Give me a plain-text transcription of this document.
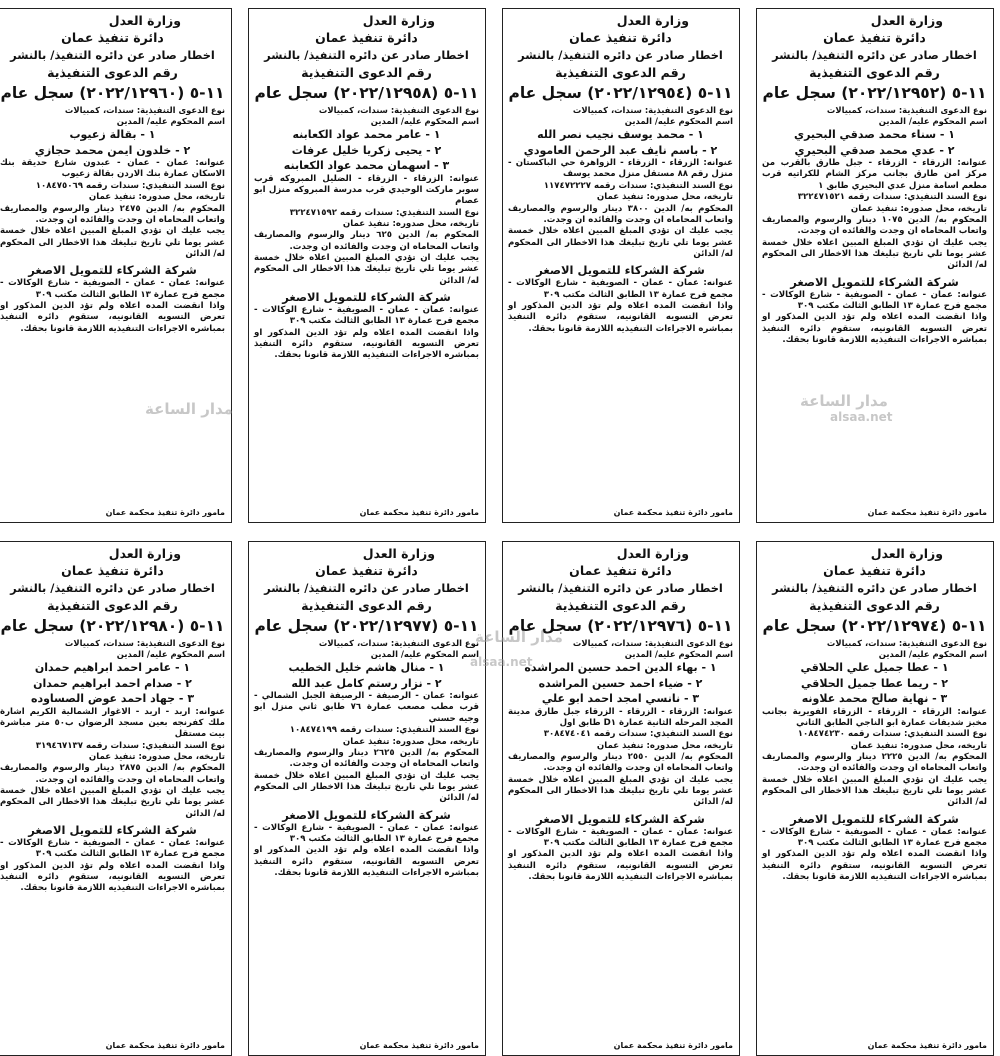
وزارة العدل
دائرة تنفيذ عمان
اخطار صادر عن دائره التنفيذ/ بالنشر
رقم الدعوى التنفيذية
١١-٥ (٢٠٢٢/١٢٩٥٢) سجل عام
نوع الدعوى التنفيذية: سندات، كمبيالات
اسم المحكوم عليه/ المدين
١ - سناء محمد صدقي البحيري
٢ - عدي محمد صدقي البحيري
عنوانه: الزرقاء - الزرقاء - جبل طارق بالقرب من مركز امن طارق بجانب مركز الشام للكراتيه قرب مطعم اسامة منزل عدي البحيري طابق ١
نوع السند التنفيذي: سندات رقمه ٣٢٢٤٧١٥٢١
تاريخه، محل صدوره: تنفيذ عمان
المحكوم به/ الدين ١٠٧٥ دينار والرسوم والمصاريف واتعاب المحاماه ان وجدت والفائده ان وجدت.
يجب عليك ان تؤدي المبلغ المبين اعلاه خلال خمسة عشر يوما تلي تاريخ تبليغك هذا الاخطار الى المحكوم له/ الدائن
شركة الشركاء للتمويل الاصغر
عنوانه: عمان - عمان - الصويفية - شارع الوكالات - مجمع فرح عمارة ١٣ الطابق الثالث مكتب ٣٠٩
واذا انقضت المده اعلاه ولم تؤد الدين المذكور او تعرض التسويه القانونيه، ستقوم دائره التنفيذ بمباشره الاجراءات التنفيذيه اللازمة قانونا بحقك.
مامور دائرة تنفيذ محكمة عمان
وزارة العدل
دائرة تنفيذ عمان
اخطار صادر عن دائره التنفيذ/ بالنشر
رقم الدعوى التنفيذية
١١-٥ (٢٠٢٢/١٢٩٥٤) سجل عام
نوع الدعوى التنفيذية: سندات، كمبيالات
اسم المحكوم عليه/ المدين
١ - محمد يوسف نجيب نصر الله
٢ - باسم نايف عبد الرحمن العامودي
عنوانه: الزرقاء - الزرقاء - الزواهرة حي الباكستان - منزل رقم ٨٨ مستقل منزل محمد يوسف
نوع السند التنفيذي: سندات رقمه ١١٧٤٧٢٢٢٧
تاريخه، محل صدوره: تنفيذ عمان
المحكوم به/ الدين ٣٨٠٠ دينار والرسوم والمصاريف واتعاب المحاماه ان وجدت والفائده ان وجدت.
يجب عليك ان تؤدي المبلغ المبين اعلاه خلال خمسة عشر يوما تلي تاريخ تبليغك هذا الاخطار الى المحكوم له/ الدائن
شركة الشركاء للتمويل الاصغر
عنوانه: عمان - عمان - الصويفية - شارع الوكالات - مجمع فرح عمارة ١٣ الطابق الثالث مكتب ٣٠٩
واذا انقضت المده اعلاه ولم تؤد الدين المذكور او تعرض التسويه القانونيه، ستقوم دائره التنفيذ بمباشره الاجراءات التنفيذيه اللازمة قانونا بحقك.
مامور دائرة تنفيذ محكمة عمان
وزارة العدل
دائرة تنفيذ عمان
اخطار صادر عن دائره التنفيذ/ بالنشر
رقم الدعوى التنفيذية
١١-٥ (٢٠٢٢/١٢٩٥٨) سجل عام
نوع الدعوى التنفيذية: سندات، كمبيالات
اسم المحكوم عليه/ المدين
١ - عامر محمد عواد الكعابنه
٢ - يحيى زكريا خليل عرفات
٣ - اسهمان محمد عواد الكعابنه
عنوانه: الزرقاء - الزرقاء - الضليل المبروكه قرب سوبر ماركت الوحيدي قرب مدرسة المبروكه منزل ابو عصام
نوع السند التنفيذي: سندات رقمه ٣٢٢٤٧١٥٩٢
تاريخه، محل صدوره: تنفيذ عمان
المحكوم به/ الدين ٦٢٥ دينار والرسوم والمصاريف واتعاب المحاماه ان وجدت والفائده ان وجدت.
يجب عليك ان تؤدي المبلغ المبين اعلاه خلال خمسة عشر يوما تلي تاريخ تبليغك هذا الاخطار الى المحكوم له/ الدائن
شركة الشركاء للتمويل الاصغر
عنوانه: عمان - عمان - الصويفية - شارع الوكالات - مجمع فرح عمارة ١٣ الطابق الثالث مكتب ٣٠٩
واذا انقضت المده اعلاه ولم تؤد الدين المذكور او تعرض التسويه القانونيه، ستقوم دائره التنفيذ بمباشره الاجراءات التنفيذيه اللازمة قانونا بحقك.
مامور دائرة تنفيذ محكمة عمان
وزارة العدل
دائرة تنفيذ عمان
اخطار صادر عن دائره التنفيذ/ بالنشر
رقم الدعوى التنفيذية
١١-٥ (٢٠٢٢/١٢٩٦٠) سجل عام
نوع الدعوى التنفيذية: سندات، كمبيالات
اسم المحكوم عليه/ المدين
١ - بقالة زعيوب
٢ - خلدون ايمن محمد حجازي
عنوانه: عمان - عمان - عبدون شارع حديقة بنك الاسكان عمارة بنك الاردن بقالة زعيوب
نوع السند التنفيذي: سندات رقمه ١٠٨٤٧٥٠٦٩
تاريخه، محل صدوره: تنفيذ عمان
المحكوم به/ الدين ٢٤٧٥ دينار والرسوم والمصاريف واتعاب المحاماه ان وجدت والفائده ان وجدت.
يجب عليك ان تؤدي المبلغ المبين اعلاه خلال خمسة عشر يوما تلي تاريخ تبليغك هذا الاخطار الى المحكوم له/ الدائن
شركة الشركاء للتمويل الاصغر
عنوانه: عمان - عمان - الصويفية - شارع الوكالات - مجمع فرح عمارة ١٣ الطابق الثالث مكتب ٣٠٩
واذا انقضت المده اعلاه ولم تؤد الدين المذكور او تعرض التسويه القانونيه، ستقوم دائره التنفيذ بمباشره الاجراءات التنفيذيه اللازمة قانونا بحقك.
مامور دائرة تنفيذ محكمة عمان
وزارة العدل
دائرة تنفيذ عمان
اخطار صادر عن دائره التنفيذ/ بالنشر
رقم الدعوى التنفيذية
١١-٥ (٢٠٢٢/١٢٩٧٤) سجل عام
نوع الدعوى التنفيذية: سندات، كمبيالات
اسم المحكوم عليه/ المدين
١ - عطا جميل علي الحلاقي
٢ - ريما عطا جميل الحلاقي
٣ - نهاية صالح محمد علاونه
عنوانه: الزرقاء - الزرقاء - الزرقاء الفويرية بجانب مخبز شديفات عمارة ابو الناجي الطابق الثاني
نوع السند التنفيذي: سندات رقمه ١٠٨٤٧٤٢٣٠
تاريخه، محل صدوره: تنفيذ عمان
المحكوم به/ الدين ٢٢٢٥ دينار والرسوم والمصاريف واتعاب المحاماه ان وجدت والفائده ان وجدت.
يجب عليك ان تؤدي المبلغ المبين اعلاه خلال خمسة عشر يوما تلي تاريخ تبليغك هذا الاخطار الى المحكوم له/ الدائن
شركة الشركاء للتمويل الاصغر
عنوانه: عمان - عمان - الصويفية - شارع الوكالات - مجمع فرح عمارة ١٣ الطابق الثالث مكتب ٣٠٩
واذا انقضت المده اعلاه ولم تؤد الدين المذكور او تعرض التسويه القانونيه، ستقوم دائره التنفيذ بمباشره الاجراءات التنفيذيه اللازمة قانونا بحقك.
مامور دائرة تنفيذ محكمة عمان
وزارة العدل
دائرة تنفيذ عمان
اخطار صادر عن دائره التنفيذ/ بالنشر
رقم الدعوى التنفيذية
١١-٥ (٢٠٢٢/١٢٩٧٦) سجل عام
نوع الدعوى التنفيذية: سندات، كمبيالات
اسم المحكوم عليه/ المدين
١ - بهاء الدين احمد حسين المراشده
٢ - ضياء احمد حسين المراشده
٣ - نانسي امجد احمد ابو علي
عنوانه: الزرقاء - الزرقاء - الزرقاء جبل طارق مدينة المجد المرحله الثانية عمارة D١ طابق اول
نوع السند التنفيذي: سندات رقمه ٣٠٨٤٧٤٠٤١
تاريخه، محل صدوره: تنفيذ عمان
المحكوم به/ الدين ٢٥٥٠ دينار والرسوم والمصاريف واتعاب المحاماه ان وجدت والفائده ان وجدت.
يجب عليك ان تؤدي المبلغ المبين اعلاه خلال خمسة عشر يوما تلي تاريخ تبليغك هذا الاخطار الى المحكوم له/ الدائن
شركة الشركاء للتمويل الاصغر
عنوانه: عمان - عمان - الصويفية - شارع الوكالات - مجمع فرح عمارة ١٣ الطابق الثالث مكتب ٣٠٩
واذا انقضت المده اعلاه ولم تؤد الدين المذكور او تعرض التسويه القانونيه، ستقوم دائره التنفيذ بمباشره الاجراءات التنفيذيه اللازمة قانونا بحقك.
مامور دائرة تنفيذ محكمة عمان
وزارة العدل
دائرة تنفيذ عمان
اخطار صادر عن دائره التنفيذ/ بالنشر
رقم الدعوى التنفيذية
١١-٥ (٢٠٢٢/١٢٩٧٧) سجل عام
نوع الدعوى التنفيذية: سندات، كمبيالات
اسم المحكوم عليه/ المدين
١ - منال هاشم خليل الخطيب
٢ - نزار رستم كامل عبد الله
عنوانه: عمان - الرصيفة - الرصيفة الجبل الشمالي - قرب مطب مصعب عمارة ٧٦ طابق ثاني منزل ابو وجيه حسني
نوع السند التنفيذي: سندات رقمه ١٠٨٤٧٤١٩٩
تاريخه، محل صدوره: تنفيذ عمان
المحكوم به/ الدين ٢٦٢٥ دينار والرسوم والمصاريف واتعاب المحاماه ان وجدت والفائده ان وجدت.
يجب عليك ان تؤدي المبلغ المبين اعلاه خلال خمسة عشر يوما تلي تاريخ تبليغك هذا الاخطار الى المحكوم له/ الدائن
شركة الشركاء للتمويل الاصغر
عنوانه: عمان - عمان - الصويفية - شارع الوكالات - مجمع فرح عمارة ١٣ الطابق الثالث مكتب ٣٠٩
واذا انقضت المده اعلاه ولم تؤد الدين المذكور او تعرض التسويه القانونيه، ستقوم دائره التنفيذ بمباشره الاجراءات التنفيذيه اللازمة قانونا بحقك.
مامور دائرة تنفيذ محكمة عمان
وزارة العدل
دائرة تنفيذ عمان
اخطار صادر عن دائره التنفيذ/ بالنشر
رقم الدعوى التنفيذية
١١-٥ (٢٠٢٢/١٢٩٨٠) سجل عام
نوع الدعوى التنفيذية: سندات، كمبيالات
اسم المحكوم عليه/ المدين
١ - عامر احمد ابراهيم حمدان
٢ - صدام احمد ابراهيم حمدان
٣ - جهاد احمد عوض الصساوده
عنوانه: اربد - اربد - الاغوار الشمالية الكريم اشارة ملك كفرنجه بعين مسجد الرضوان ب٥٠ متر مباشرة بيت مستقل
نوع السند التنفيذي: سندات رقمه ٣١٩٤٦٧١٣٧
تاريخه، محل صدوره: تنفيذ عمان
المحكوم به/ الدين ٢٨٧٥ دينار والرسوم والمصاريف واتعاب المحاماه ان وجدت والفائده ان وجدت.
يجب عليك ان تؤدي المبلغ المبين اعلاه خلال خمسة عشر يوما تلي تاريخ تبليغك هذا الاخطار الى المحكوم له/ الدائن
شركة الشركاء للتمويل الاصغر
عنوانه: عمان - عمان - الصويفية - شارع الوكالات - مجمع فرح عمارة ١٣ الطابق الثالث مكتب ٣٠٩
واذا انقضت المده اعلاه ولم تؤد الدين المذكور او تعرض التسويه القانونيه، ستقوم دائره التنفيذ بمباشره الاجراءات التنفيذيه اللازمة قانونا بحقك.
مامور دائرة تنفيذ محكمة عمان
مدار الساعة
alsaa.net
مدار الساعة
مدار الساعة
alsaa.net
